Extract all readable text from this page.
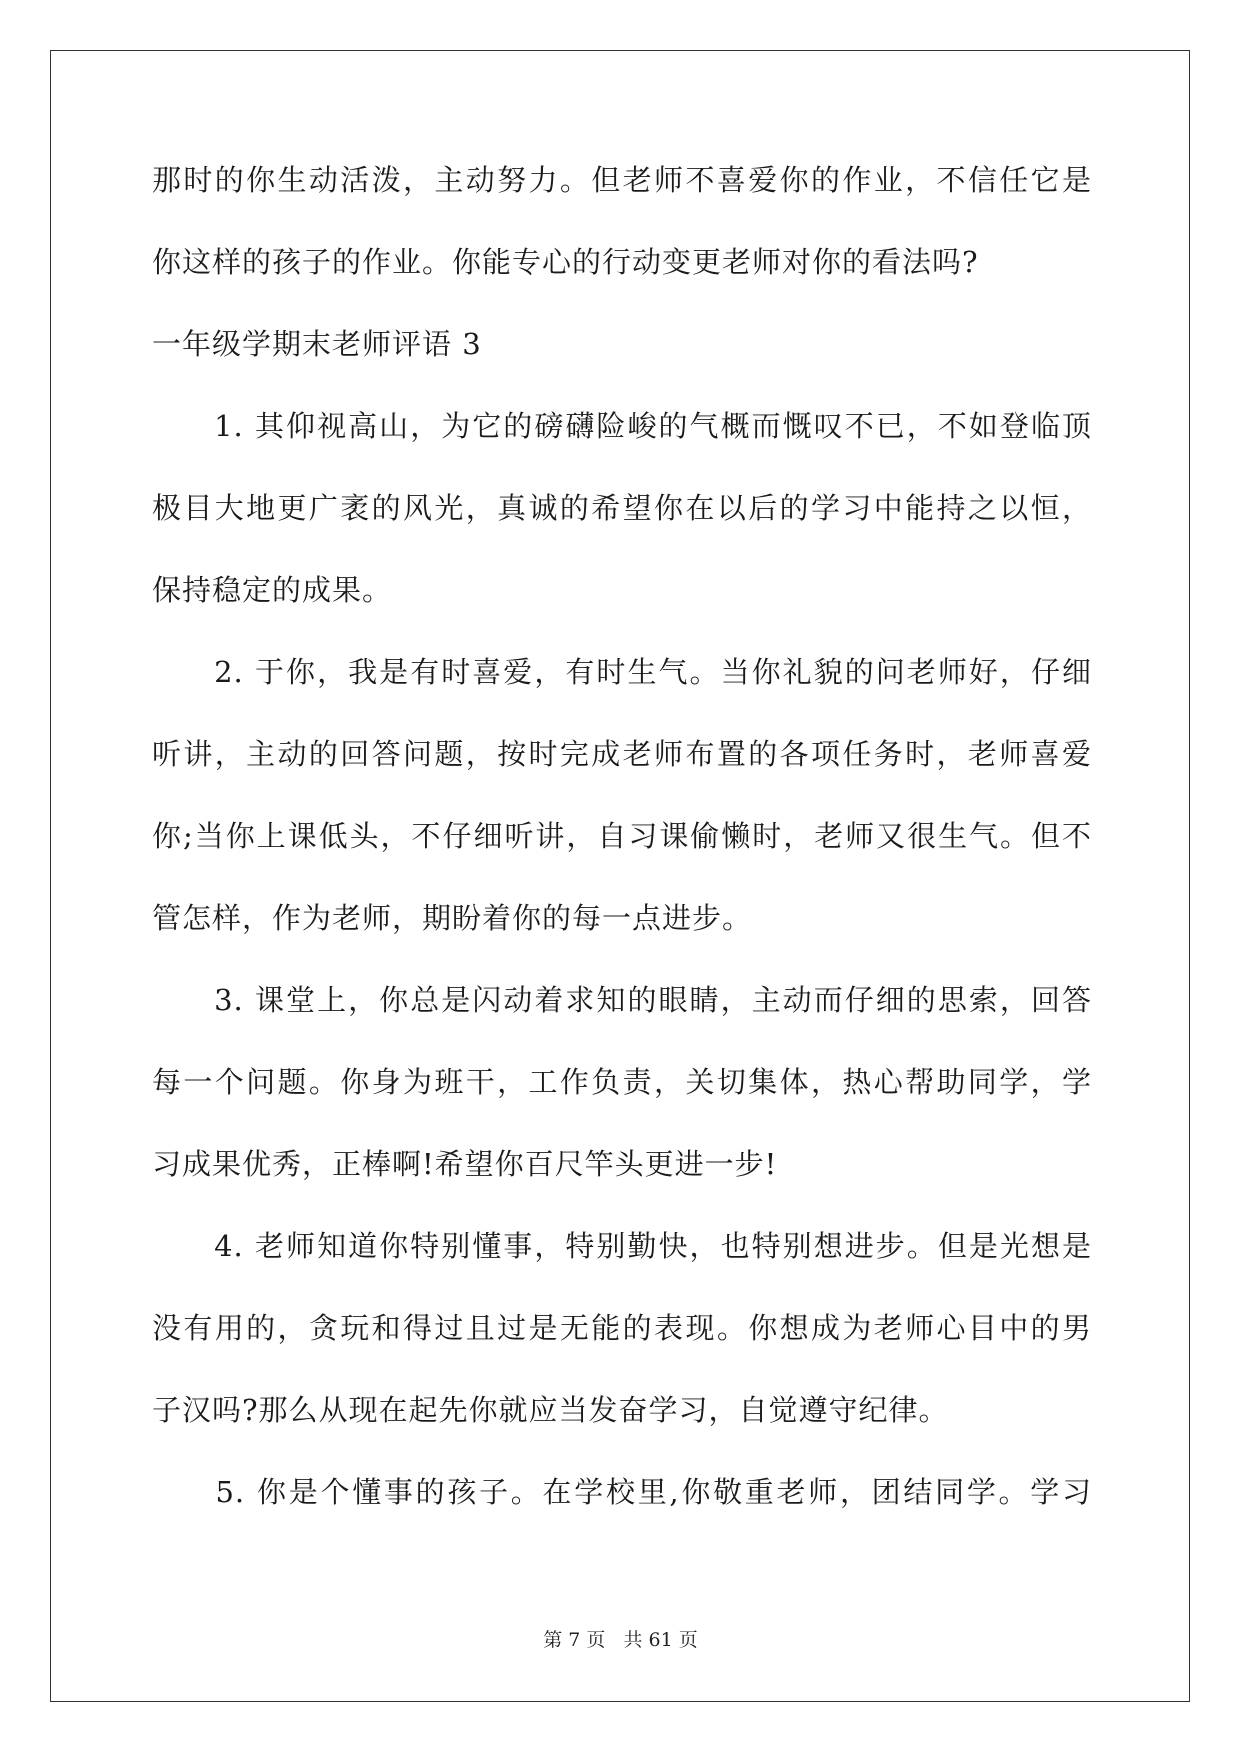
那时的你生动活泼，主动努力。但老师不喜爱你的作业，不信任它是
你这样的孩子的作业。你能专心的行动变更老师对你的看法吗?
一年级学期末老师评语 3
　　1. 其仰视高山，为它的磅礴险峻的气概而慨叹不已，不如登临顶
极目大地更广袤的风光，真诚的希望你在以后的学习中能持之以恒，
保持稳定的成果。
　　2. 于你，我是有时喜爱，有时生气。当你礼貌的问老师好，仔细
听讲，主动的回答问题，按时完成老师布置的各项任务时，老师喜爱
你;当你上课低头，不仔细听讲，自习课偷懒时，老师又很生气。但不
管怎样，作为老师，期盼着你的每一点进步。
　　3. 课堂上，你总是闪动着求知的眼睛，主动而仔细的思索，回答
每一个问题。你身为班干，工作负责，关切集体，热心帮助同学，学
习成果优秀，正棒啊!希望你百尺竿头更进一步!
　　4. 老师知道你特别懂事，特别勤快，也特别想进步。但是光想是
没有用的，贪玩和得过且过是无能的表现。你想成为老师心目中的男
子汉吗?那么从现在起先你就应当发奋学习，自觉遵守纪律。
　　5. 你是个懂事的孩子。在学校里,你敬重老师，团结同学。学习
第 7 页 共 61 页
